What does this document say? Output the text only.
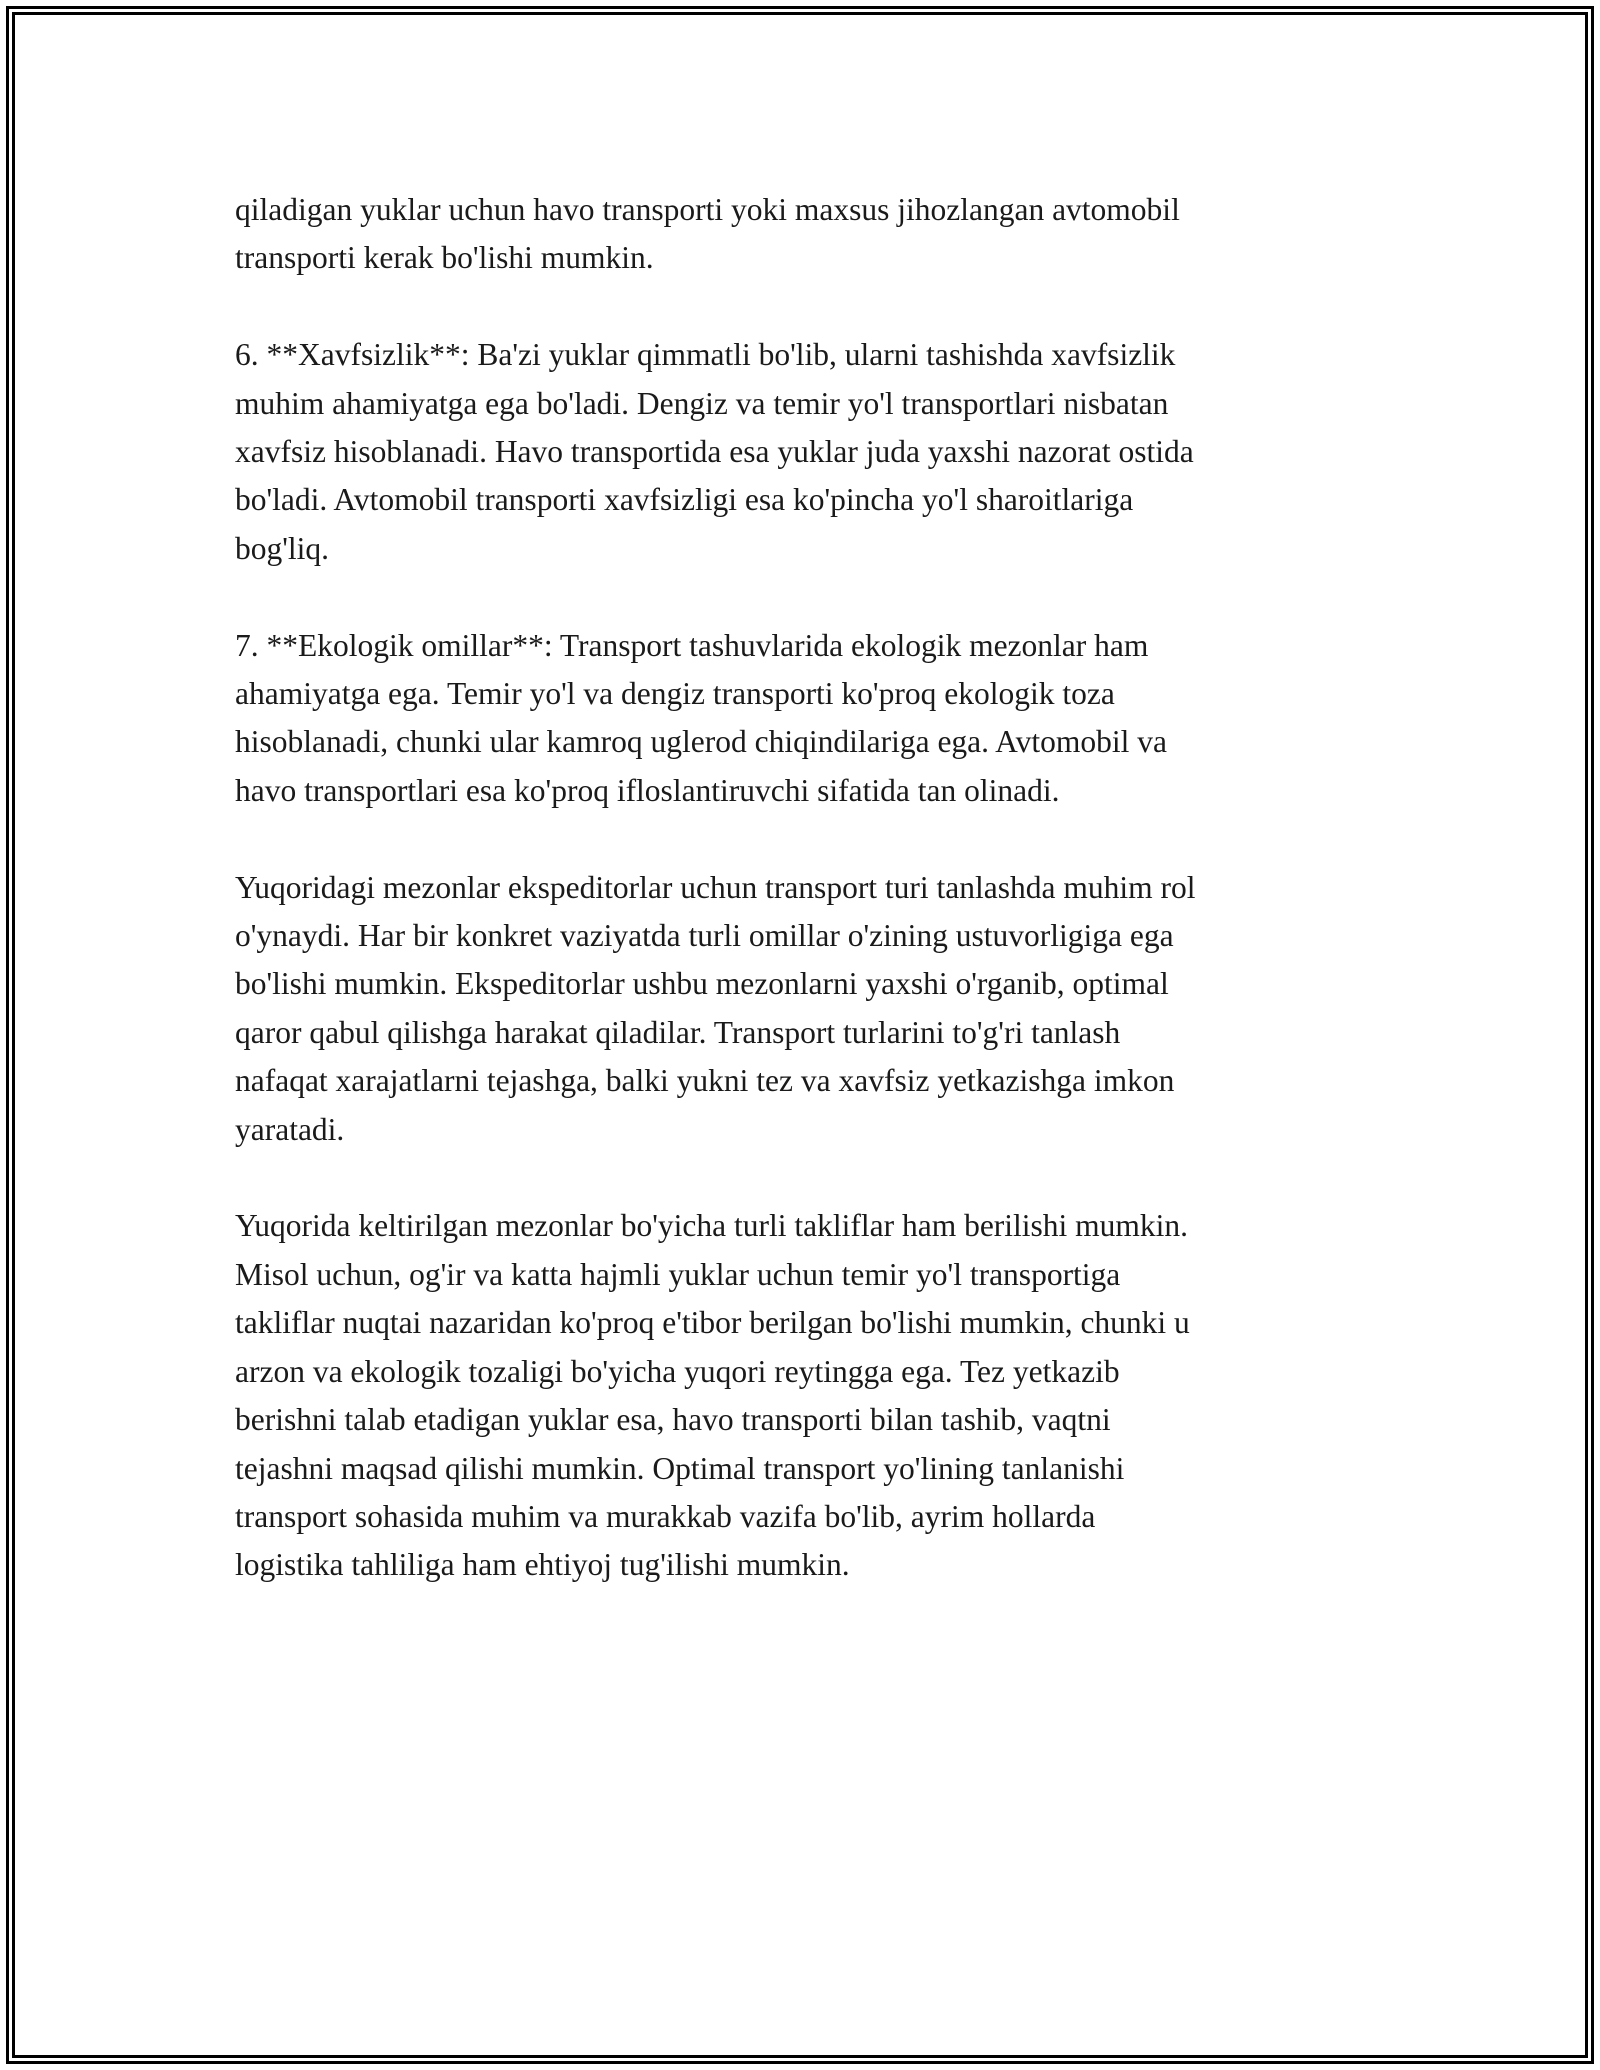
qiladigan yuklar uchun havo transporti yoki maxsus jihozlangan avtomobil
transporti kerak bo'lishi mumkin.

6. **Xavfsizlik**: Ba'zi yuklar qimmatli bo'lib, ularni tashishda xavfsizlik
muhim ahamiyatga ega bo'ladi. Dengiz va temir yo'l transportlari nisbatan
xavfsiz hisoblanadi. Havo transportida esa yuklar juda yaxshi nazorat ostida
bo'ladi. Avtomobil transporti xavfsizligi esa ko'pincha yo'l sharoitlariga
bog'liq.

7. **Ekologik omillar**: Transport tashuvlarida ekologik mezonlar ham
ahamiyatga ega. Temir yo'l va dengiz transporti ko'proq ekologik toza
hisoblanadi, chunki ular kamroq uglerod chiqindilariga ega. Avtomobil va
havo transportlari esa ko'proq ifloslantiruvchi sifatida tan olinadi.

Yuqoridagi mezonlar ekspeditorlar uchun transport turi tanlashda muhim rol
o'ynaydi. Har bir konkret vaziyatda turli omillar o'zining ustuvorligiga ega
bo'lishi mumkin. Ekspeditorlar ushbu mezonlarni yaxshi o'rganib, optimal
qaror qabul qilishga harakat qiladilar. Transport turlarini to'g'ri tanlash
nafaqat xarajatlarni tejashga, balki yukni tez va xavfsiz yetkazishga imkon
yaratadi.

Yuqorida keltirilgan mezonlar bo'yicha turli takliflar ham berilishi mumkin.
Misol uchun, og'ir va katta hajmli yuklar uchun temir yo'l transportiga
takliflar nuqtai nazaridan ko'proq e'tibor berilgan bo'lishi mumkin, chunki u
arzon va ekologik tozaligi bo'yicha yuqori reytingga ega. Tez yetkazib
berishni talab etadigan yuklar esa, havo transporti bilan tashib, vaqtni
tejashni maqsad qilishi mumkin. Optimal transport yo'lining tanlanishi
transport sohasida muhim va murakkab vazifa bo'lib, ayrim hollarda
logistika tahliliga ham ehtiyoj tug'ilishi mumkin.
